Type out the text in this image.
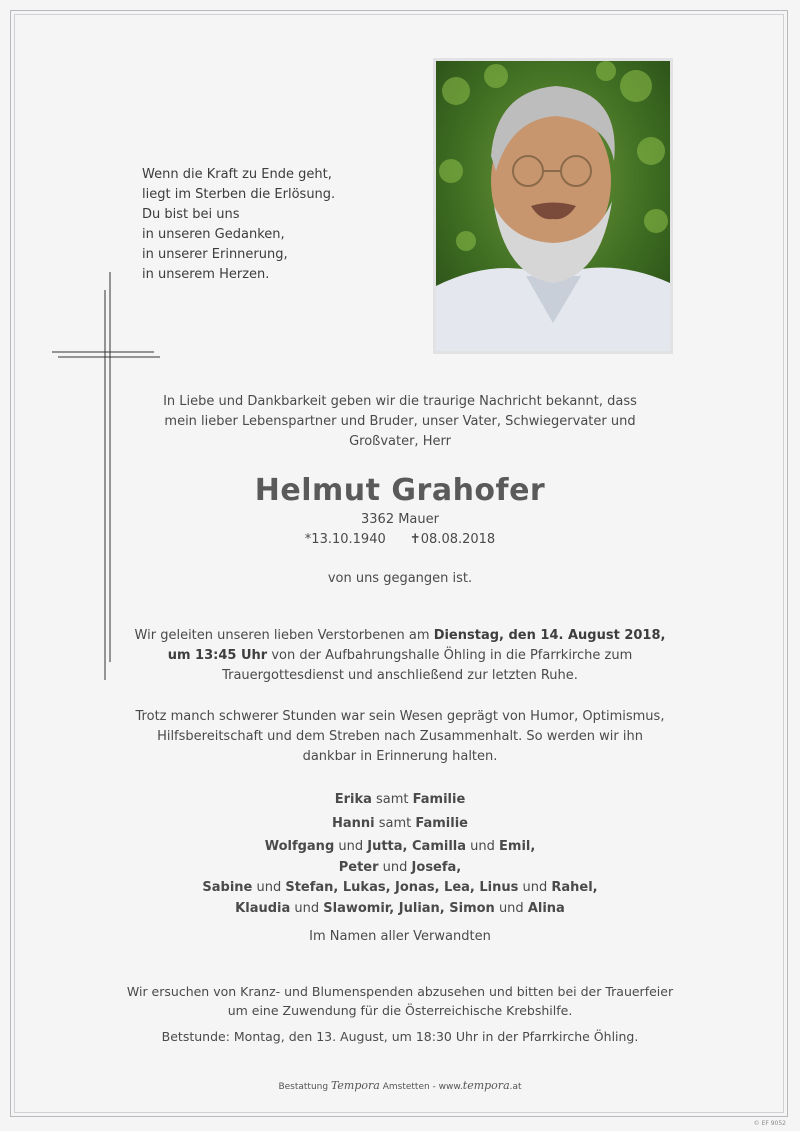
Wenn die Kraft zu Ende geht,
liegt im Sterben die Erlösung.
Du bist bei uns
in unseren Gedanken,
in unserer Erinnerung,
in unserem Herzen.
In Liebe und Dankbarkeit geben wir die traurige Nachricht bekannt, dass
mein lieber Lebenspartner und Bruder, unser Vater, Schwiegervater und
Großvater, Herr
Helmut Grahofer
3362 Mauer
*13.10.1940 ✝08.08.2018
von uns gegangen ist.
Wir geleiten unseren lieben Verstorbenen am Dienstag, den 14. August 2018,
um 13:45 Uhr von der Aufbahrungshalle Öhling in die Pfarrkirche zum
Trauergottesdienst und anschließend zur letzten Ruhe.
Trotz manch schwerer Stunden war sein Wesen geprägt von Humor, Optimismus,
Hilfsbereitschaft und dem Streben nach Zusammenhalt. So werden wir ihn
dankbar in Erinnerung halten.
Erika samt Familie
Hanni samt Familie
Wolfgang und Jutta, Camilla und Emil,
Peter und Josefa,
Sabine und Stefan, Lukas, Jonas, Lea, Linus und Rahel,
Klaudia und Slawomir, Julian, Simon und Alina
Im Namen aller Verwandten
Wir ersuchen von Kranz- und Blumenspenden abzusehen und bitten bei der Trauerfeier
um eine Zuwendung für die Österreichische Krebshilfe.
Betstunde: Montag, den 13. August, um 18:30 Uhr in der Pfarrkirche Öhling.
Bestattung Tempora Amstetten - www.tempora.at
© EF 9052
